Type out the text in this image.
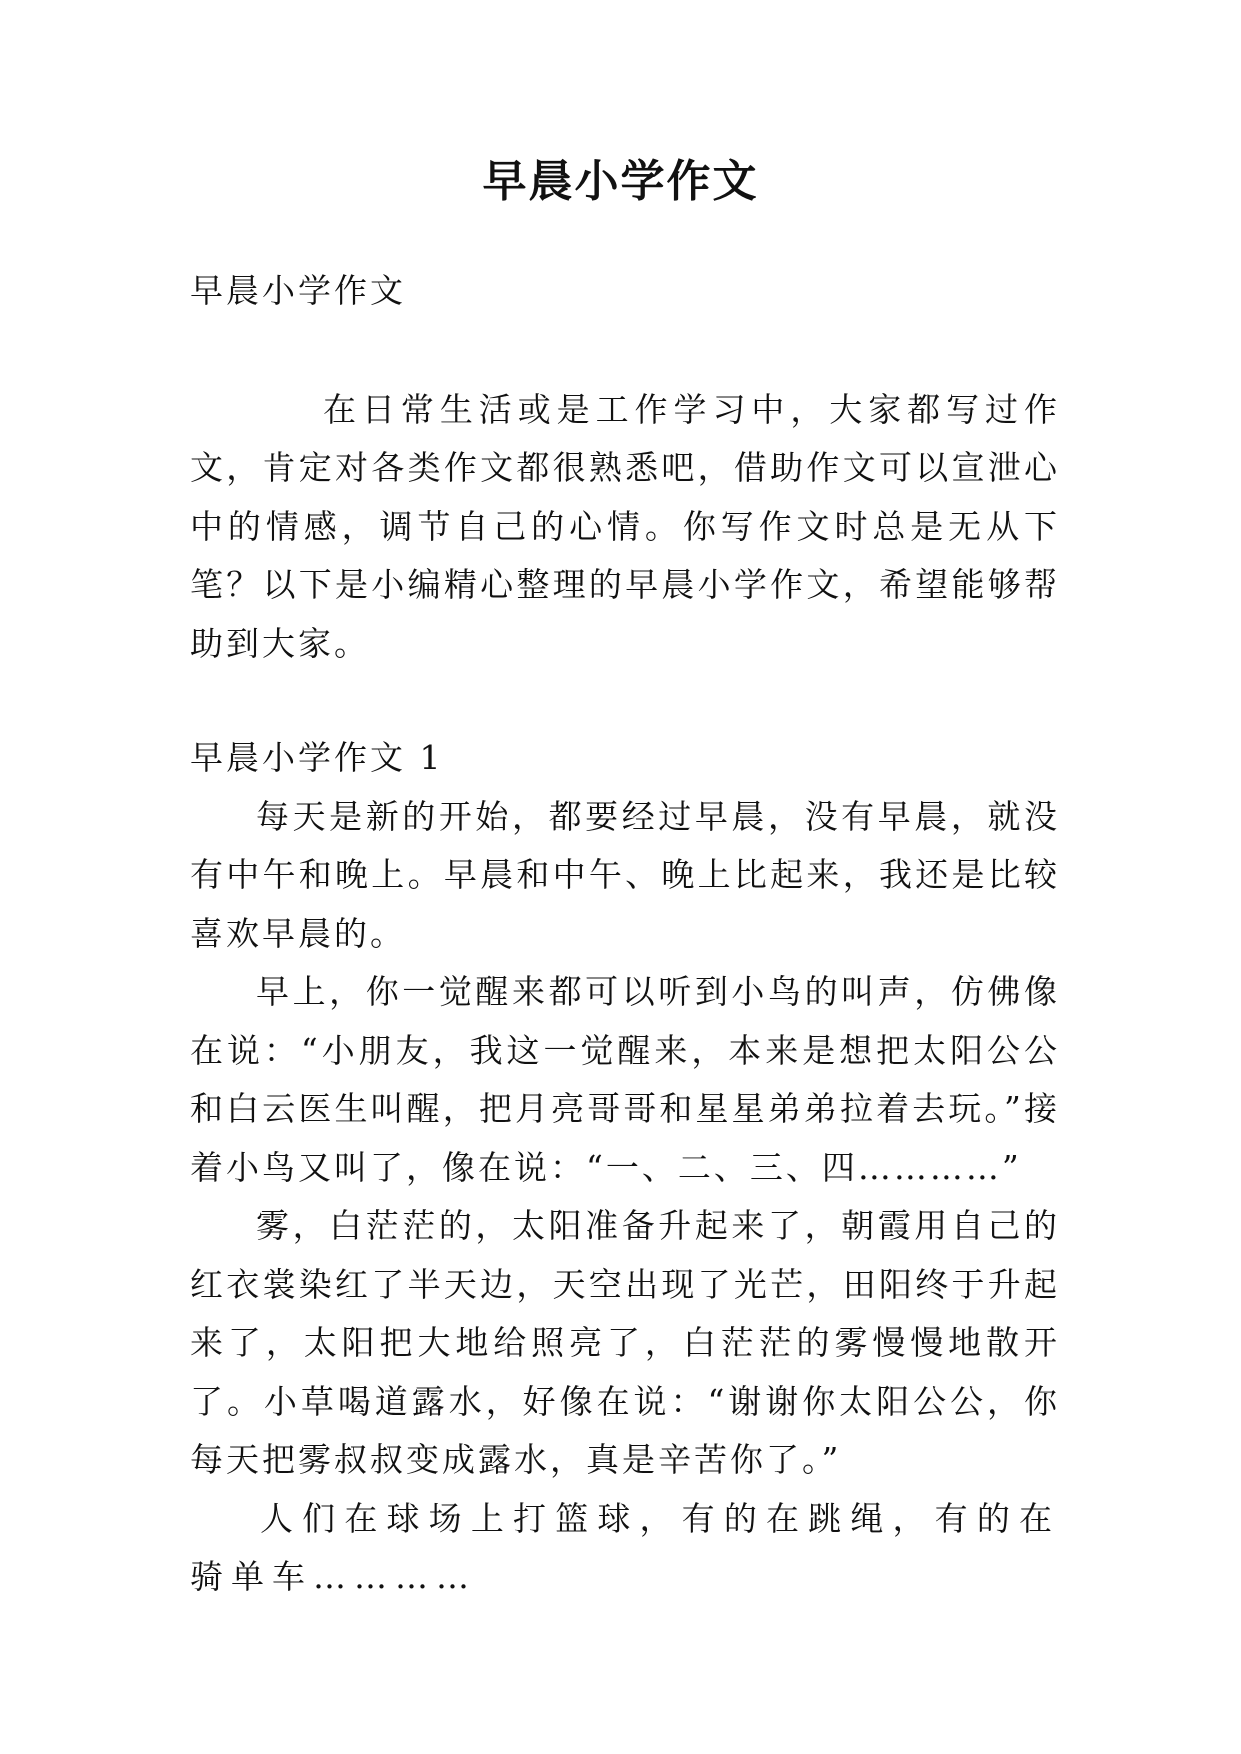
早晨小学作文

早晨小学作文

在日常生活或是工作学习中，大家都写过作文，肯定对各类作文都很熟悉吧，借助作文可以宣泄心中的情感，调节自己的心情。你写作文时总是无从下笔？以下是小编精心整理的早晨小学作文，希望能够帮助到大家。

早晨小学作文 1

每天是新的开始，都要经过早晨，没有早晨，就没有中午和晚上。早晨和中午、晚上比起来，我还是比较喜欢早晨的。

早上，你一觉醒来都可以听到小鸟的叫声，仿佛像在说：“小朋友，我这一觉醒来，本来是想把太阳公公和白云医生叫醒，把月亮哥哥和星星弟弟拉着去玩。”接着小鸟又叫了，像在说：“一、二、三、四…………”

雾，白茫茫的，太阳准备升起来了，朝霞用自己的红衣裳染红了半天边，天空出现了光芒，田阳终于升起来了，太阳把大地给照亮了，白茫茫的雾慢慢地散开了。小草喝道露水，好像在说：“谢谢你太阳公公，你每天把雾叔叔变成露水，真是辛苦你了。”

人们在球场上打篮球，有的在跳绳，有的在骑单车…………
